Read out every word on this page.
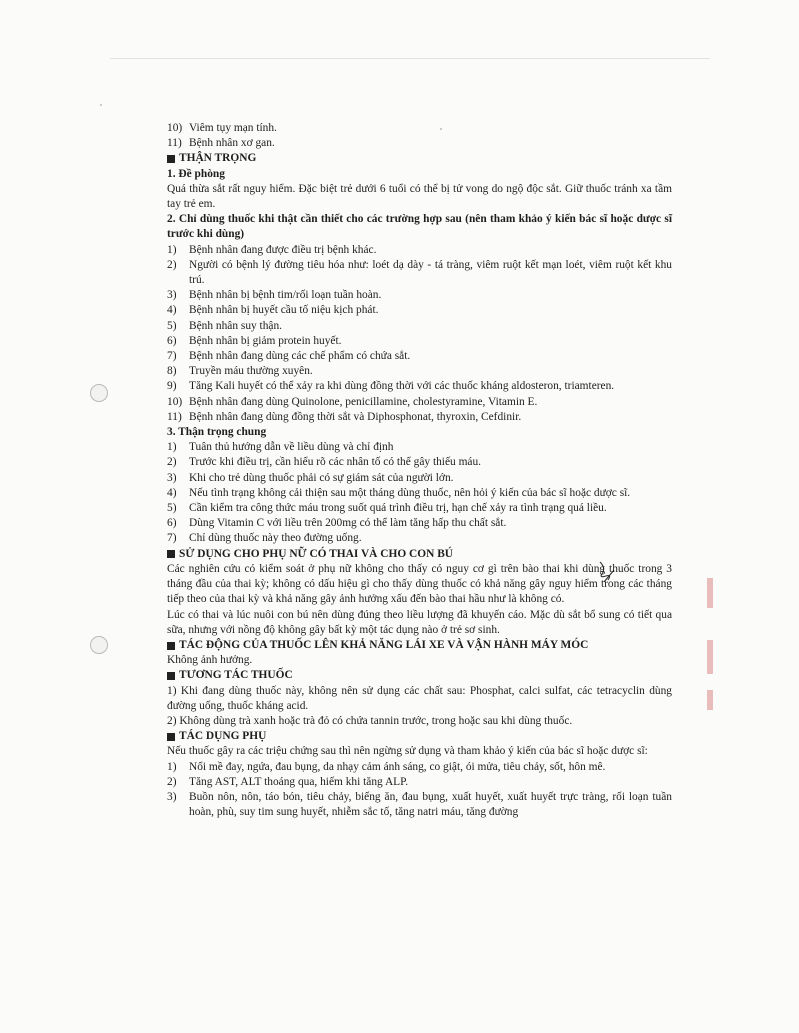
10) Viêm tụy mạn tính.
11) Bệnh nhân xơ gan.
THẬN TRỌNG
1. Đề phòng
Quá thừa sắt rất nguy hiểm. Đặc biệt trẻ dưới 6 tuổi có thể bị tử vong do ngộ độc sắt. Giữ thuốc tránh xa tầm tay trẻ em.
2. Chỉ dùng thuốc khi thật cần thiết cho các trường hợp sau (nên tham khảo ý kiến bác sĩ hoặc dược sĩ trước khi dùng)
1)	Bệnh nhân đang được điều trị bệnh khác.
2)	Người có bệnh lý đường tiêu hóa như: loét dạ dày - tá tràng, viêm ruột kết mạn loét, viêm ruột kết khu trú.
3)	Bệnh nhân bị bệnh tim/rối loạn tuần hoàn.
4)	Bệnh nhân bị huyết cầu tố niệu kịch phát.
5)	Bệnh nhân suy thận.
6)	Bệnh nhân bị giảm protein huyết.
7)	Bệnh nhân đang dùng các chế phẩm có chứa sắt.
8)	Truyền máu thường xuyên.
9)	Tăng Kali huyết có thể xảy ra khi dùng đồng thời với các thuốc kháng aldosteron, triamteren.
10) Bệnh nhân đang dùng Quinolone, penicillamine, cholestyramine, Vitamin E.
11) Bệnh nhân đang dùng đồng thời sắt và Diphosphonat, thyroxin, Cefdinir.
3. Thận trọng chung
1)	Tuân thủ hướng dẫn về liều dùng và chỉ định
2)	Trước khi điều trị, cần hiểu rõ các nhân tố có thể gây thiếu máu.
3)	Khi cho trẻ dùng thuốc phải có sự giám sát của người lớn.
4)	Nếu tình trạng không cải thiện sau một tháng dùng thuốc, nên hỏi ý kiến của bác sĩ hoặc dược sĩ.
5)	Cần kiểm tra công thức máu trong suốt quá trình điều trị, hạn chế xảy ra tình trạng quá liều.
6)	Dùng Vitamin C với liều trên 200mg có thể làm tăng hấp thu chất sắt.
7)	Chỉ dùng thuốc này theo đường uống.
SỬ DỤNG CHO PHỤ NỮ CÓ THAI VÀ CHO CON BÚ
Các nghiên cứu có kiểm soát ở phụ nữ không cho thấy có nguy cơ gì trên bào thai khi dùng thuốc trong 3 tháng đầu của thai kỳ; không có dấu hiệu gì cho thấy dùng thuốc có khả năng gây nguy hiểm trong các tháng tiếp theo của thai kỳ và khả năng gây ảnh hưởng xấu đến bào thai hầu như là không có.
Lúc có thai và lúc nuôi con bú nên dùng đúng theo liều lượng đã khuyến cáo. Mặc dù sắt bổ sung có tiết qua sữa, nhưng với nồng độ không gây bất kỳ một tác dụng nào ở trẻ sơ sinh.
TÁC ĐỘNG CỦA THUỐC LÊN KHẢ NĂNG LÁI XE VÀ VẬN HÀNH MÁY MÓC
Không ảnh hưởng.
TƯƠNG TÁC THUỐC
1) Khi đang dùng thuốc này, không nên sử dụng các chất sau: Phosphat, calci sulfat, các tetracyclin dùng đường uống, thuốc kháng acid.
2) Không dùng trà xanh hoặc trà đỏ có chứa tannin trước, trong hoặc sau khi dùng thuốc.
TÁC DỤNG PHỤ
Nếu thuốc gây ra các triệu chứng sau thì nên ngừng sử dụng và tham khảo ý kiến của bác sĩ hoặc dược sĩ:
1)	Nổi mề đay, ngứa, đau bụng, da nhạy cảm ánh sáng, co giật, ói mửa, tiêu chảy, sốt, hôn mê.
2)	Tăng AST, ALT thoáng qua, hiếm khi tăng ALP.
3)	Buồn nôn, nôn, táo bón, tiêu chảy, biếng ăn, đau bụng, xuất huyết, xuất huyết trực tràng, rối loạn tuần hoàn, phù, suy tim sung huyết, nhiễm sắc tố, tăng natri máu, tăng đường
